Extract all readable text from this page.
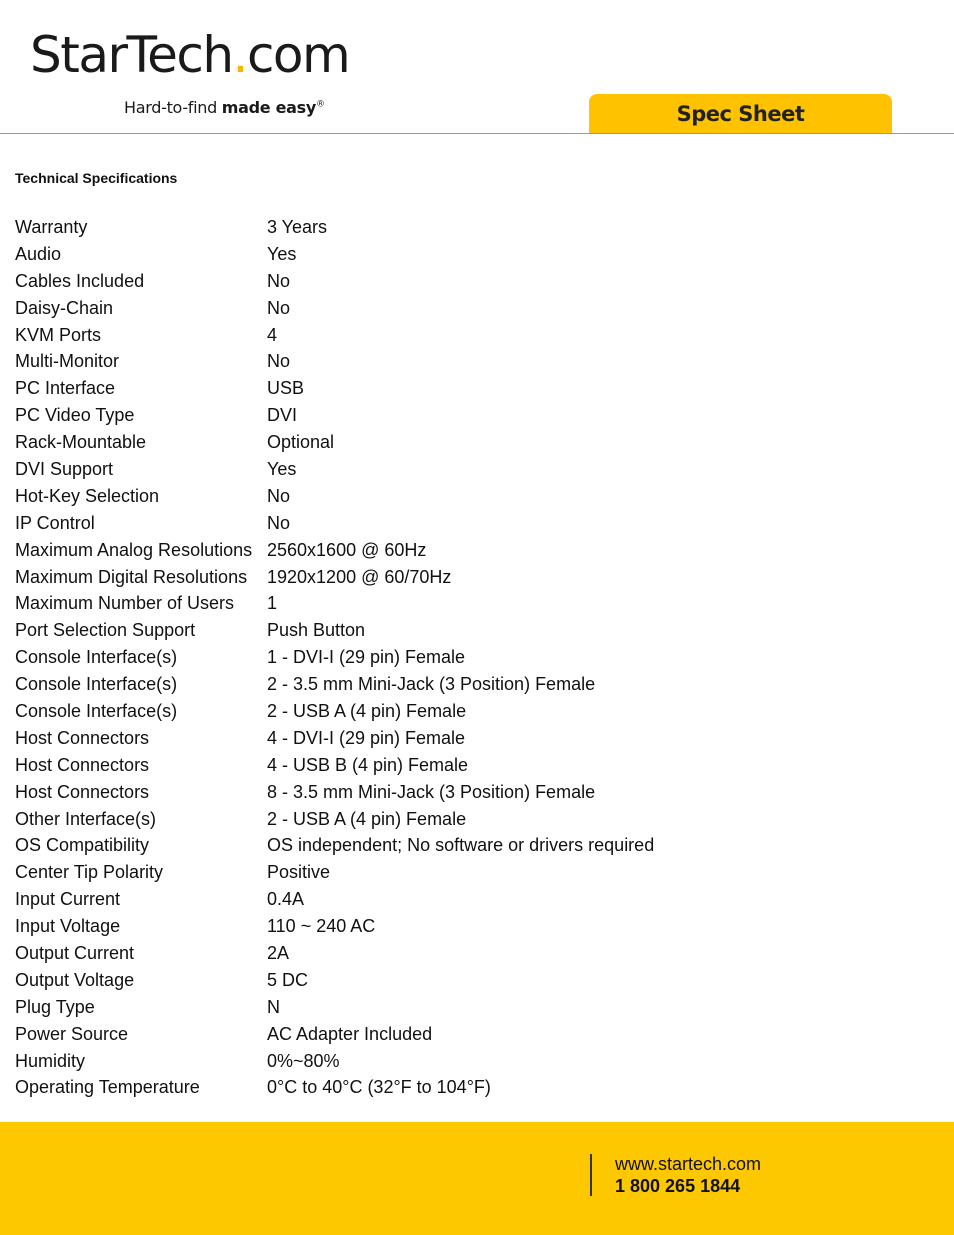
StarTech.com
Hard-to-find made easy®	Spec Sheet
Technical Specifications
Warranty	3 Years
Audio	Yes
Cables Included	No
Daisy-Chain	No
KVM Ports	4
Multi-Monitor	No
PC Interface	USB
PC Video Type	DVI
Rack-Mountable	Optional
DVI Support	Yes
Hot-Key Selection	No
IP Control	No
Maximum Analog Resolutions 2560x1600 @ 60Hz
Maximum Digital Resolutions	1920x1200 @ 60/70Hz
Maximum Number of Users	1
Port Selection Support	Push Button
Console Interface(s)	1 - DVI-I (29 pin) Female
Console Interface(s)	2 - 3.5 mm Mini-Jack (3 Position) Female
Console Interface(s)	2 - USB A (4 pin) Female
Host Connectors	4 - DVI-I (29 pin) Female
Host Connectors	4 - USB B (4 pin) Female
Host Connectors	8 - 3.5 mm Mini-Jack (3 Position) Female
Other Interface(s)	2 - USB A (4 pin) Female
OS Compatibility	OS independent; No software or drivers required
Center Tip Polarity	Positive
Input Current	0.4A
Input Voltage	110 ~ 240 AC
Output Current	2A
Output Voltage	5 DC
Plug Type	N
Power Source	AC Adapter Included
Humidity	0%~80%
Operating Temperature	0°C to 40°C (32°F to 104°F)
www.startech.com
1 800 265 1844
